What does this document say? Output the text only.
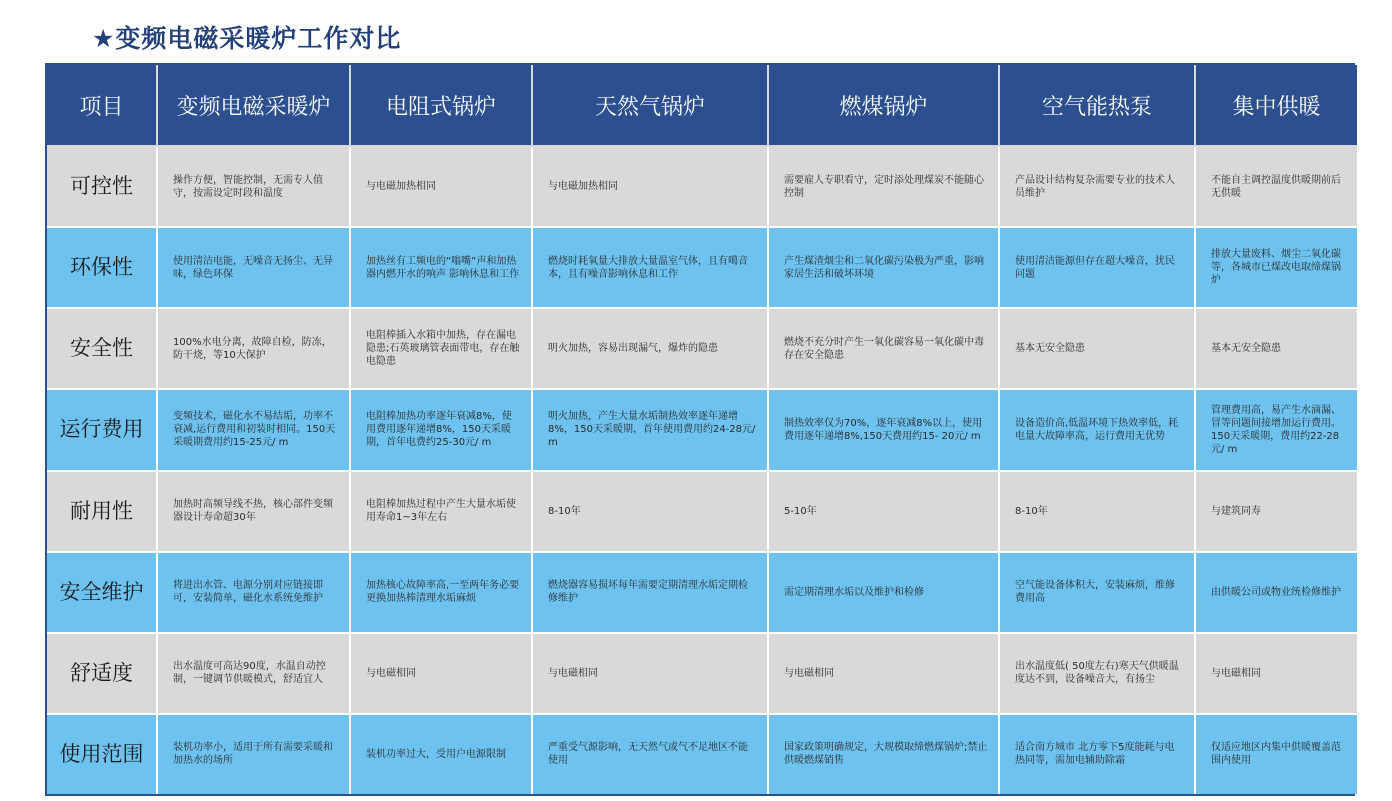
★变频电磁采暖炉工作对比
项目	变频电磁采暖炉	电阻式锅炉	天然气锅炉	燃煤锅炉	空气能热泵	集中供暖
可控性	操作方便，智能控制，无需专人值守，按需设定时段和温度	与电磁加热相同	与电磁加热相同	需要雇人专职看守，定时添处理煤炭不能随心控制	产品设计结构复杂需要专业的技术人员维护	不能自主调控温度供暖期前后无供暖
环保性	使用清洁电能，无噪音无扬尘、无异味，绿色环保	加热丝有工频电的“嗡嘴”声和加热器内燃开水的响声 影响休息和工作	燃烧时耗氧量大排放大量温室气体，且有噶音本，且有噪音影响休息和工作	产生煤渣烟尘和二氧化碳污染极为严重，影响家居生活和破坏环境	使用清洁能源但存在超大噪音，扰民问题	排放大量废料、烟尘二氧化碳等，各城市已煤改电取缔煤锅炉
安全性	100%水电分离，故障自检，防冻，防干烧，等10大保护	电阻棒插入水箱中加热，存在漏电隐患;石英玻璃管表面带电，存在触电隐患	明火加热，容易出现漏气，爆炸的隐患	燃烧不充分时产生一氧化碳容易一氧化碳中毒存在安全隐患	基本无安全隐患	基本无安全隐患
运行费用	变频技术，磁化水不易结垢，功率不衰减,运行费用和初装时相同。150天采暖期费用约15-25元/ m	电阻棒加热功率逐年衰减8%，使用费用逐年递增8%，150天采暖期，首年电费约25-30元/ m	明火加热，产生大量水垢制热效率逐年递增8%，150天采暖期，首年使用费用约24-28元/ m	制热效率仅为70%，逐年衰减8%以上，使用费用逐年递增8%,150天费用约15- 20元/ m	设备造价高,低温环境下热效率低，耗电量大故障率高，运行费用无优势	管理费用高，易产生水滴漏、冒等问题间接增加运行费用。150天采暖期，费用约22-28元/ m
耐用性	加热时高频导线不热，核心部件变频器设计寿命超30年	电阻棒加热过程中产生大量水垢使用寿命1~3年左右	8-10年	5-10年	8-10年	与建筑同寿
安全维护	将进出水管、电源分别对应链接即可，安装简单，磁化水系统免维护	加热核心故障率高,一至两年务必要更换加热棒清理水垢麻烦	燃烧器容易损坏每年需要定期清理水垢定期检修维护	需定期清理水垢以及维护和检修	空气能设备体积大，安装麻烦，维修费用高	由供暖公司或物业统检修维护
舒适度	出水温度可高达90度，水温自动控制，一键调节供暖模式，舒适宜人	与电磁相同	与电磁相同	与电磁相同	出水温度低( 50度左右)寒天气供暖温度达不到，设备噪音大，有扬尘	与电磁相同
使用范围	装机功率小，适用于所有需要采暖和加热水的场所	装机功率过大，受用户电源限制	严重受气源影响，无天然气或气不足地区不能使用	国家政策明确规定，大规模取缔燃煤锅炉;禁止供暖燃煤销售	适合南方城市 北方零下5度能耗与电热同等，需加电辅助除霜	仅适应地区内集中供暖覆盖范围内使用
